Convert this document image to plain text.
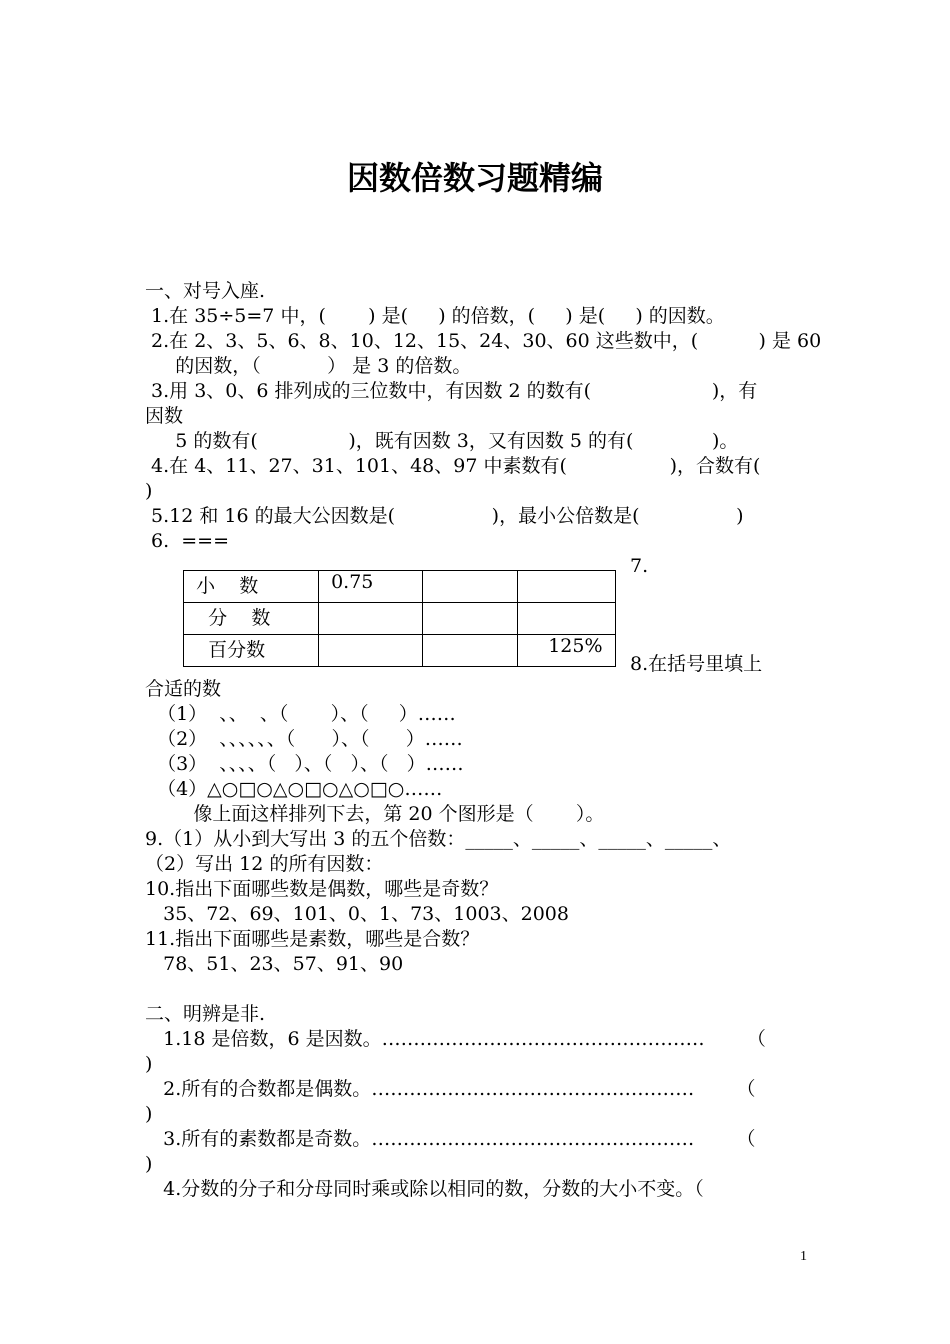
因数倍数习题精编
一、对号入座.
1.在 35÷5=7 中，(       ) 是(     ) 的倍数，(     ) 是(     ) 的因数。
2.在 2、3、5、6、8、10、12、15、24、30、60 这些数中，(          ) 是 60
的因数，（           ） 是 3 的倍数。
3.用 3、0、6 排列成的三位数中，有因数 2 的数有(                    )，有
因数
5 的数有(               )，既有因数 3，又有因数 5 的有(             )。
4.在 4、11、27、31、101、48、97 中素数有(                 )，合数有(
)
5.12 和 16 的最大公因数是(                )，最小公倍数是(                )
6.  ===
7.
小    数	0.75		
分    数			
百分数			125%
8.在括号里填上
合适的数
（1）  、、  、（       ）、（     ）……
（2）  、、、、、、（      ）、（      ）……
（3）  、、、、（   ）、（   ）、（   ）……
（4）△○□○△○□○△○□○……
像上面这样排列下去，第 20 个图形是（       ）。
9.（1）从小到大写出 3 的五个倍数：_____、_____、_____、_____、
（2）写出 12 的所有因数：
10.指出下面哪些数是偶数，哪些是奇数？
35、72、69、101、0、1、73、1003、2008
11.指出下面哪些是素数，哪些是合数？
78、51、23、57、91、90
二、明辨是非.
1.18 是倍数，6 是因数。……………………………………………       （
)
2.所有的合数都是偶数。……………………………………………       （
)
3.所有的素数都是奇数。……………………………………………       （
)
4.分数的分子和分母同时乘或除以相同的数，分数的大小不变。（
1
